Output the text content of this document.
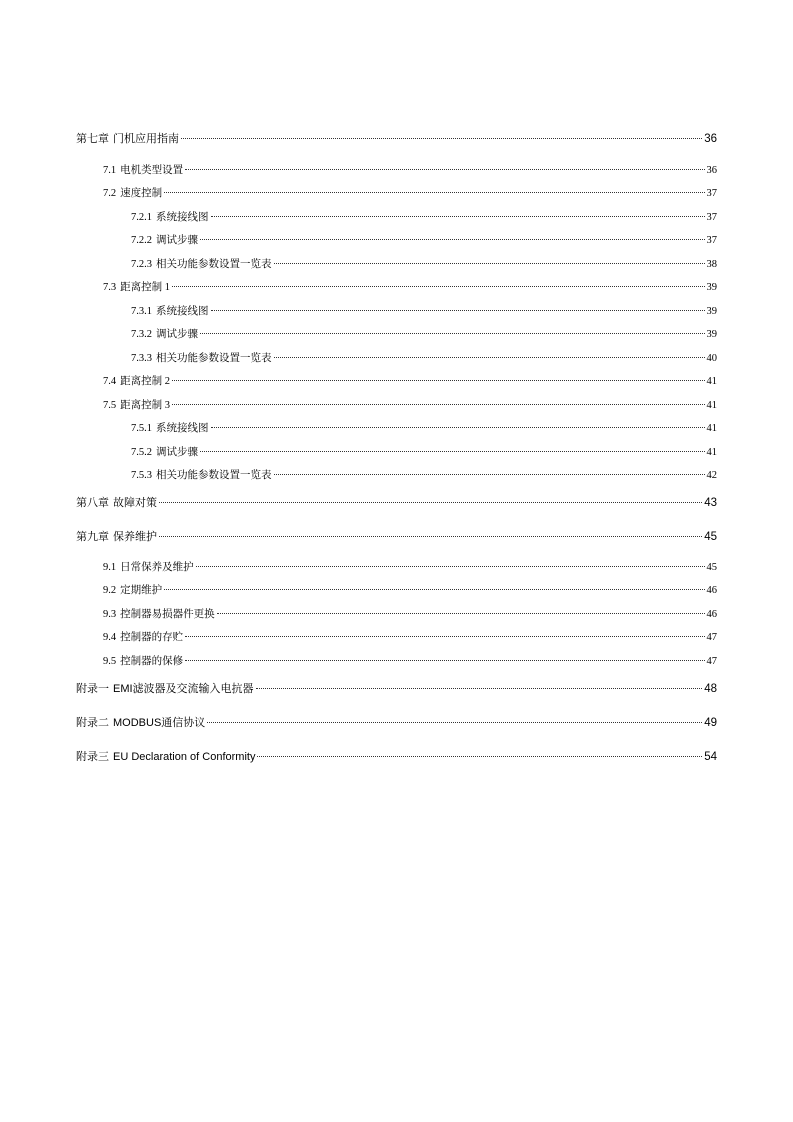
第七章 门机应用指南	36
7.1 电机类型设置	36
7.2 速度控制	37
7.2.1 系统接线图	37
7.2.2 调试步骤	37
7.2.3 相关功能参数设置一览表	38
7.3 距离控制 1	39
7.3.1 系统接线图	39
7.3.2 调试步骤	39
7.3.3 相关功能参数设置一览表	40
7.4 距离控制 2	41
7.5 距离控制 3	41
7.5.1 系统接线图	41
7.5.2 调试步骤	41
7.5.3 相关功能参数设置一览表	42
第八章 故障对策	43
第九章 保养维护	45
9.1 日常保养及维护	45
9.2 定期维护	46
9.3 控制器易损器件更换	46
9.4 控制器的存贮	47
9.5 控制器的保修	47
附录一 EMI滤波器及交流输入电抗器	48
附录二 MODBUS通信协议	49
附录三 EU Declaration of Conformity	54
